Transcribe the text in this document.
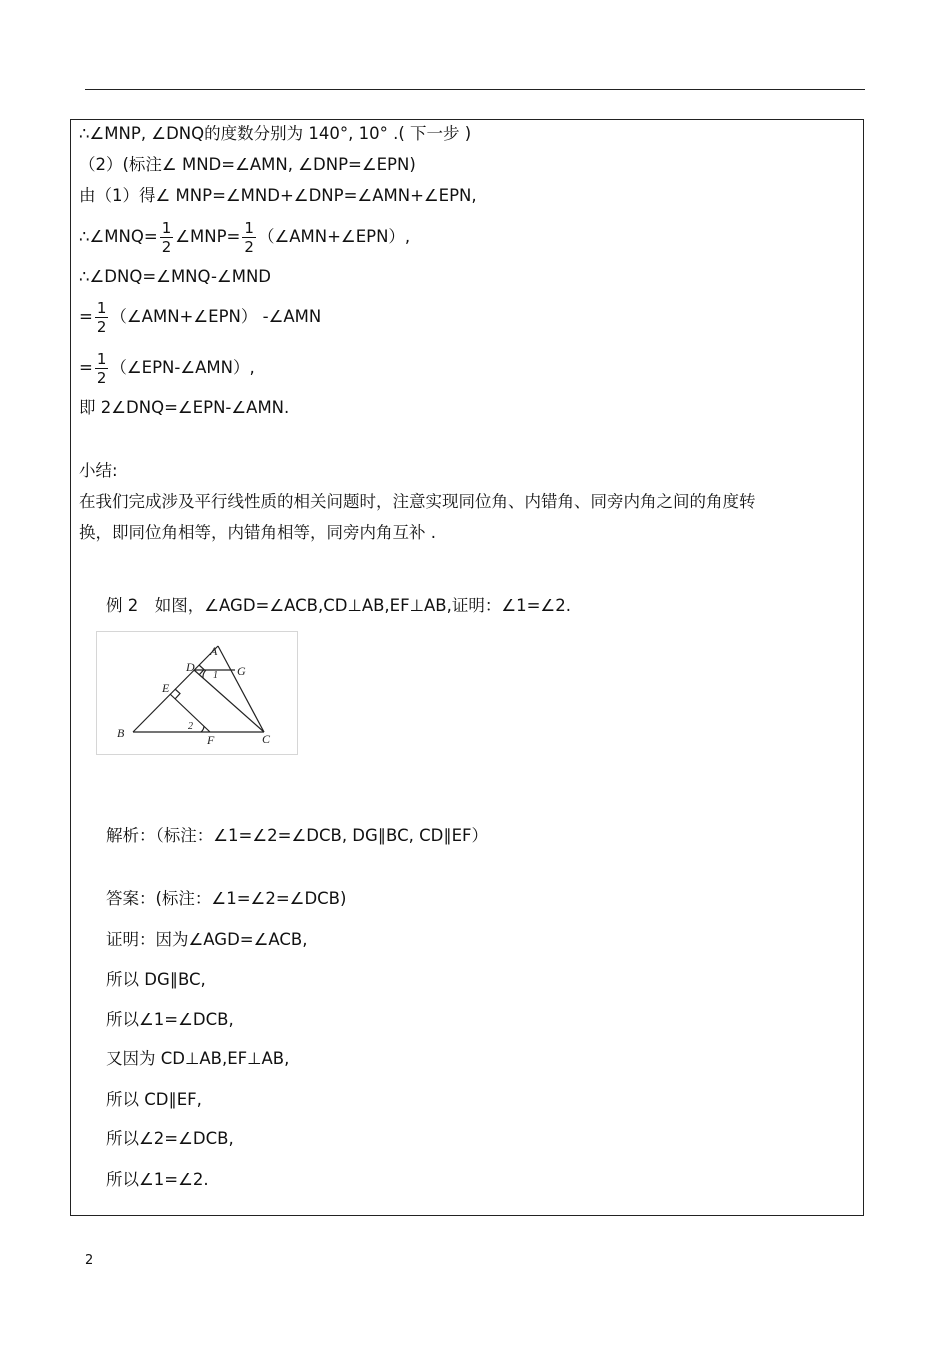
∴∠MNP, ∠DNQ的度数分别为 140°, 10° .( 下一步 )
（2）(标注∠ MND=∠AMN, ∠DNP=∠EPN)
由（1）得∠ MNP=∠MND+∠DNP=∠AMN+∠EPN,
∴∠MNQ= $\frac{1}{2}$ ∠MNP= $\frac{1}{2}$ （∠AMN+∠EPN）,
∴∠DNQ=∠MNQ-∠MND
= $\frac{1}{2}$ （∠AMN+∠EPN） -∠AMN
= $\frac{1}{2}$ （∠EPN-∠AMN）,
即 2∠DNQ=∠EPN-∠AMN.
小结:
在我们完成涉及平行线性质的相关问题时，注意实现同位角、内错角、同旁内角之间的角度转
换，即同位角相等，内错角相等，同旁内角互补 .
例 2　如图，∠AGD=∠ACB,CD⊥AB,EF⊥AB,证明：∠1=∠2.
A
B	C
D
E
F
G
1
2
解析：（标注：∠1=∠2=∠DCB, DG∥BC, CD∥EF）
答案：(标注：∠1=∠2=∠DCB)
证明：因为∠AGD=∠ACB,
所以 DG∥BC,
所以∠1=∠DCB,
又因为 CD⊥AB,EF⊥AB,
所以 CD∥EF,
所以∠2=∠DCB,
所以∠1=∠2.
2
